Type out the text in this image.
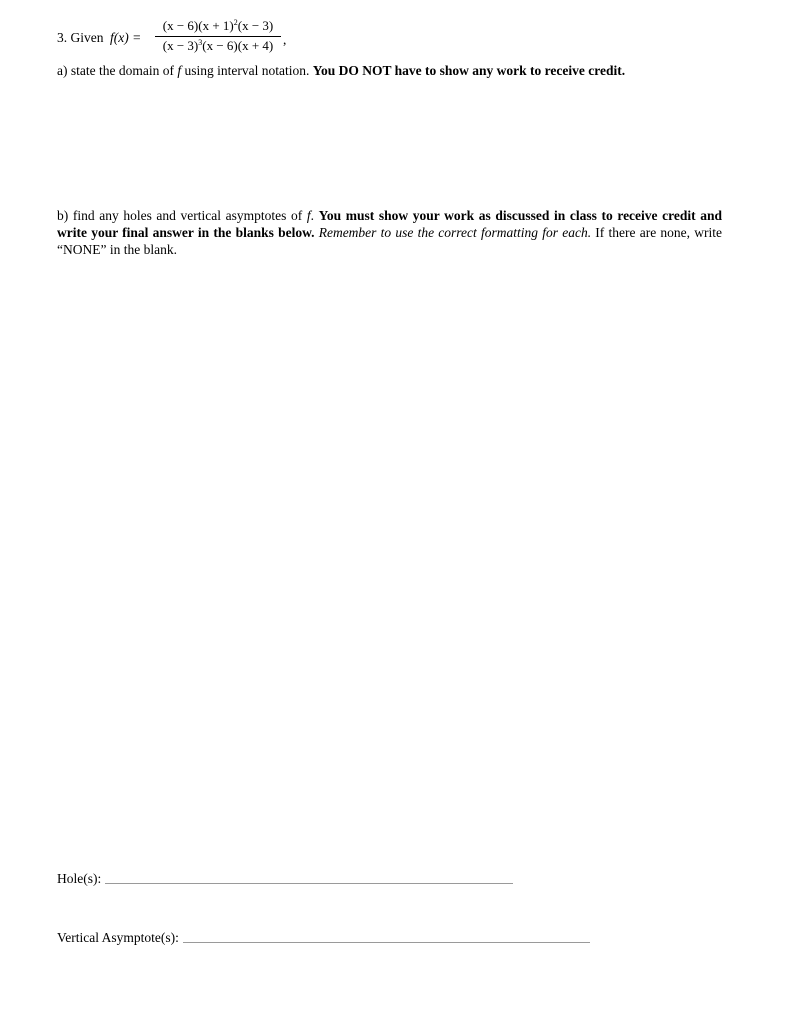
3. Given f(x) =
$(x - 6)(x + 1)^2(x - 3)$
$(x - 3)^3(x - 6)(x + 4)$ ,
a) state the domain of f using interval notation. You DO NOT have to show any work to receive credit.
b) find any holes and vertical asymptotes of f. You must show your work as discussed in class to receive credit and write your final answer in the blanks below. Remember to use the correct formatting for each. If there are none, write “NONE” in the blank.
Hole(s):
Vertical Asymptote(s):
